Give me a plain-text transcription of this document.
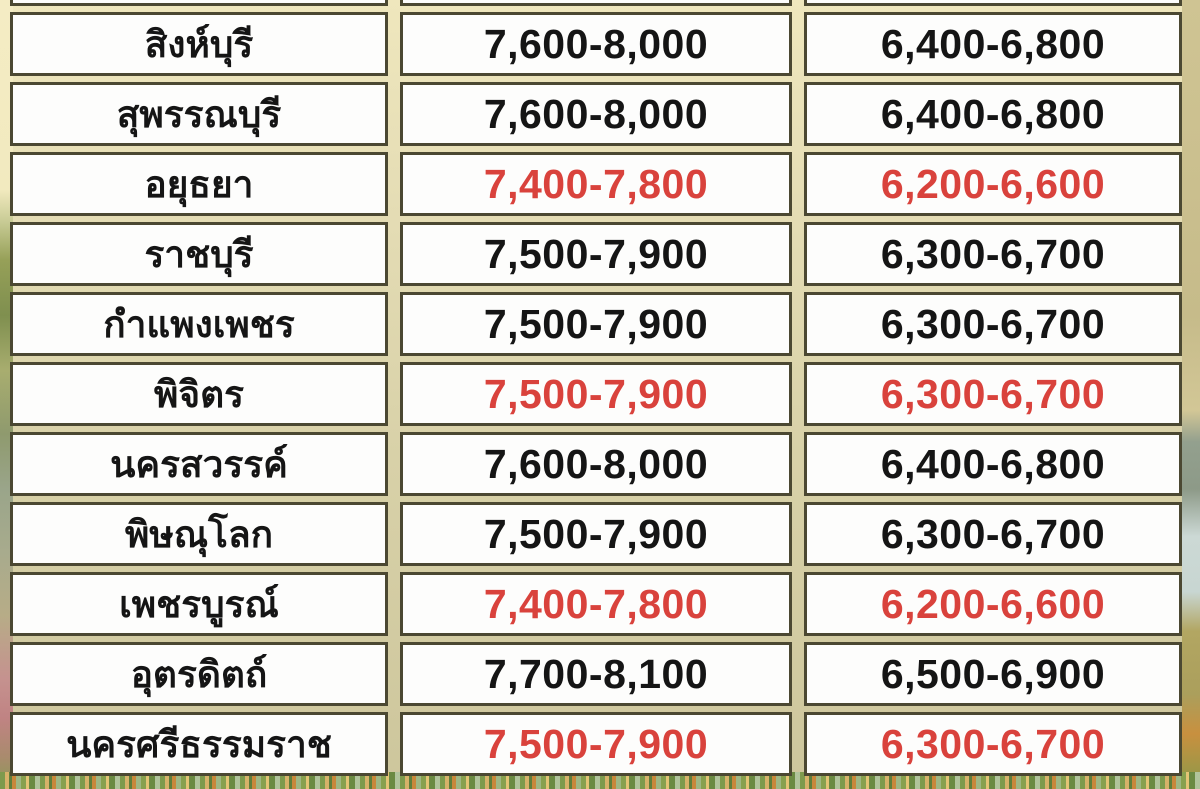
สิงห์บุรี	7,600-8,000	6,400-6,800
สุพรรณบุรี	7,600-8,000	6,400-6,800
อยุธยา	7,400-7,800	6,200-6,600
ราชบุรี	7,500-7,900	6,300-6,700
กำแพงเพชร	7,500-7,900	6,300-6,700
พิจิตร	7,500-7,900	6,300-6,700
นครสวรรค์	7,600-8,000	6,400-6,800
พิษณุโลก	7,500-7,900	6,300-6,700
เพชรบูรณ์	7,400-7,800	6,200-6,600
อุตรดิตถ์	7,700-8,100	6,500-6,900
นครศรีธรรมราช	7,500-7,900	6,300-6,700
